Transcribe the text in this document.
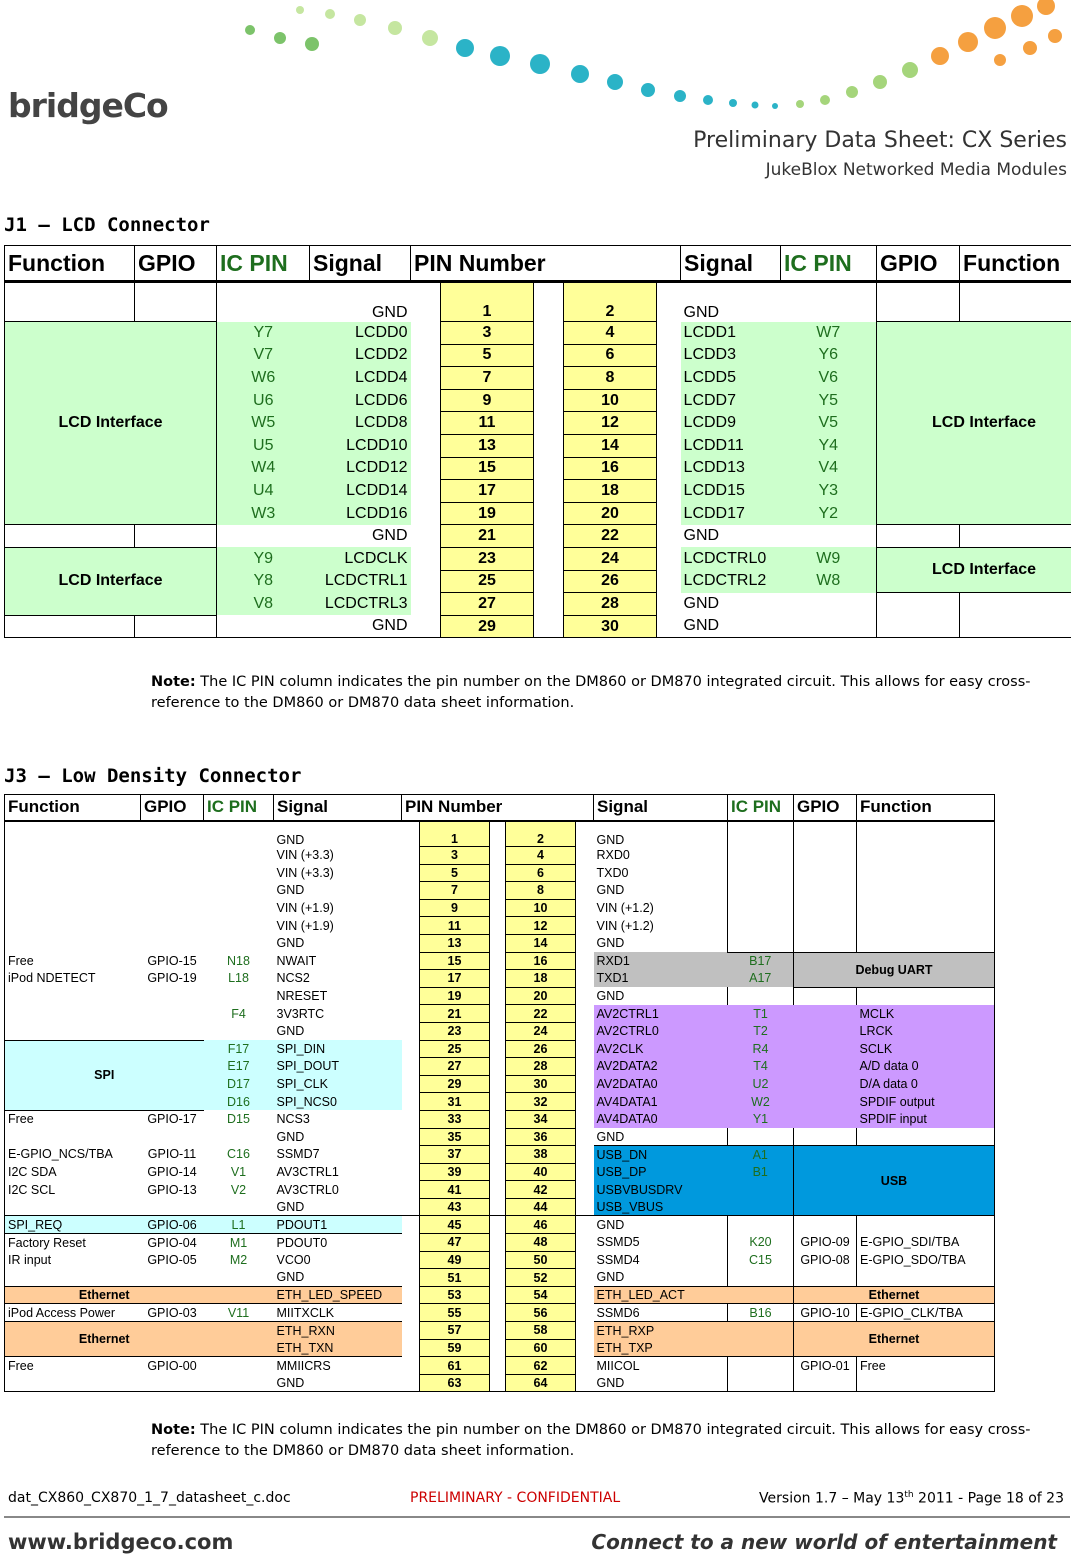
bridgeCo
Preliminary Data Sheet: CX Series
JukeBlox Networked Media Modules
J1 – LCD Connector
Function	GPIO	IC PIN	Signal	PIN Number					Signal	IC PIN	GPIO	Function
			GND		1		2		GND			
LCD Interface		Y7	LCDD0		3		4		LCDD1	W7	LCD Interface	
		V7	LCDD2		5		6		LCDD3	Y6		
		W6	LCDD4		7		8		LCDD5	V6		
		U6	LCDD6		9		10		LCDD7	Y5		
		W5	LCDD8		11		12		LCDD9	V5		
		U5	LCDD10		13		14		LCDD11	Y4		
		W4	LCDD12		15		16		LCDD13	V4		
		U4	LCDD14		17		18		LCDD15	Y3		
		W3	LCDD16		19		20		LCDD17	Y2		
			GND		21		22		GND			
LCD Interface		Y9	LCDCLK		23		24		LCDCTRL0	W9	LCD Interface	
		Y8	LCDCTRL1		25		26		LCDCTRL2	W8		
		V8	LCDCTRL3		27		28		GND			
			GND		29		30		GND			
Note: The IC PIN column indicates the pin number on the DM860 or DM870 integrated circuit. This allows for easy cross-reference to the DM860 or DM870 data sheet information.
J3 – Low Density Connector
Function	GPIO	IC PIN	Signal	PIN Number					Signal	IC PIN	GPIO	Function
			GND		1		2		GND			
			VIN (+3.3)		3		4		RXD0			
			VIN (+3.3)		5		6		TXD0			
			GND		7		8		GND			
			VIN (+1.9)		9		10		VIN (+1.2)			
			VIN (+1.9)		11		12		VIN (+1.2)			
			GND		13		14		GND			
Free	GPIO-15	N18	NWAIT		15		16		RXD1	B17	Debug UART	
iPod NDETECT	GPIO-19	L18	NCS2		17		18		TXD1	A17		
			NRESET		19		20		GND			
		F4	3V3RTC		21		22		AV2CTRL1	T1		MCLK
			GND		23		24		AV2CTRL0	T2		LRCK
SPI		F17	SPI_DIN		25		26		AV2CLK	R4		SCLK
		E17	SPI_DOUT		27		28		AV2DATA2	T4		A/D data 0
		D17	SPI_CLK		29		30		AV2DATA0	U2		D/A data 0
		D16	SPI_NCS0		31		32		AV4DATA1	W2		SPDIF output
Free	GPIO-17	D15	NCS3		33		34		AV4DATA0	Y1		SPDIF input
			GND		35		36		GND			
E-GPIO_NCS/TBA	GPIO-11	C16	SSMD7		37		38		USB_DN	A1	USB	
I2C SDA	GPIO-14	V1	AV3CTRL1		39		40		USB_DP	B1		
I2C SCL	GPIO-13	V2	AV3CTRL0		41		42		USBVBUSDRV			
			GND		43		44		USB_VBUS			
SPI_REQ	GPIO-06	L1	PDOUT1		45		46		GND			
Factory Reset	GPIO-04	M1	PDOUT0		47		48		SSMD5	K20	GPIO-09	E-GPIO_SDI/TBA
IR input	GPIO-05	M2	VCO0		49		50		SSMD4	C15	GPIO-08	E-GPIO_SDO/TBA
			GND		51		52		GND			
Ethernet			ETH_LED_SPEED		53		54		ETH_LED_ACT		Ethernet	
iPod Access Power	GPIO-03	V11	MIITXCLK		55		56		SSMD6	B16	GPIO-10	E-GPIO_CLK/TBA
Ethernet			ETH_RXN		57		58		ETH_RXP		Ethernet	
			ETH_TXN		59		60		ETH_TXP			
Free	GPIO-00		MMIICRS		61		62		MIICOL		GPIO-01	Free
			GND		63		64		GND			
Note: The IC PIN column indicates the pin number on the DM860 or DM870 integrated circuit. This allows for easy cross-reference to the DM860 or DM870 data sheet information.
dat_CX860_CX870_1_7_datasheet_c.doc	PRELIMINARY - CONFIDENTIAL	Version 1.7 – May 13th 2011 - Page 18 of 23
www.bridgeco.com	Connect to a new world of entertainment
